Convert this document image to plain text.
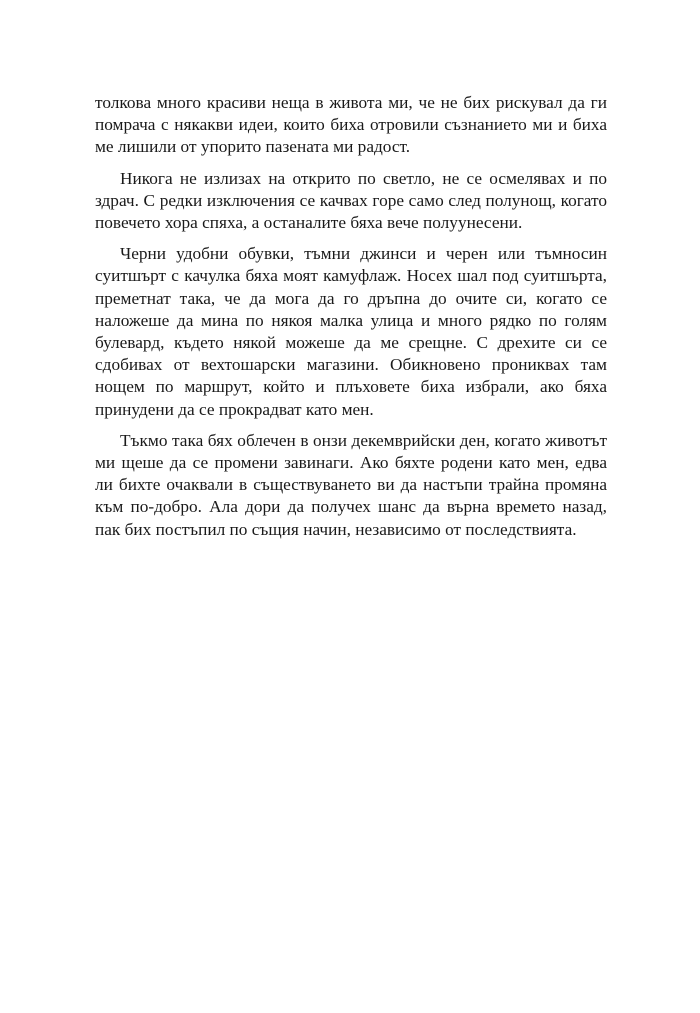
толкова много красиви неща в живота ми, че не бих рискувал да ги помрача с някакви идеи, които биха отровили съзнанието ми и биха ме лишили от упорито пазената ми радост.

Никога не излизах на открито по светло, не се осмелявах и по здрач. С редки изключения се качвах горе само след полунощ, когато повечето хора спяха, а останалите бяха вече полуунесени.

Черни удобни обувки, тъмни джинси и черен или тъмносин суитшърт с качулка бяха моят камуфлаж. Носех шал под суитшърта, преметнат така, че да мога да го дръпна до очите си, когато се наложеше да мина по някоя малка улица и много рядко по голям булевард, където някой можеше да ме срещне. С дрехите си се сдобивах от вехтошарски магазини. Обикновено прониквах там нощем по маршрут, който и плъховете биха избрали, ако бяха принудени да се прокрадват като мен.

Тъкмо така бях облечен в онзи декемврийски ден, когато животът ми щеше да се промени завинаги. Ако бяхте родени като мен, едва ли бихте очаквали в съществуването ви да настъпи трайна промяна към по-добро. Ала дори да получех шанс да върна времето назад, пак бих постъпил по същия начин, независимо от последствията.
